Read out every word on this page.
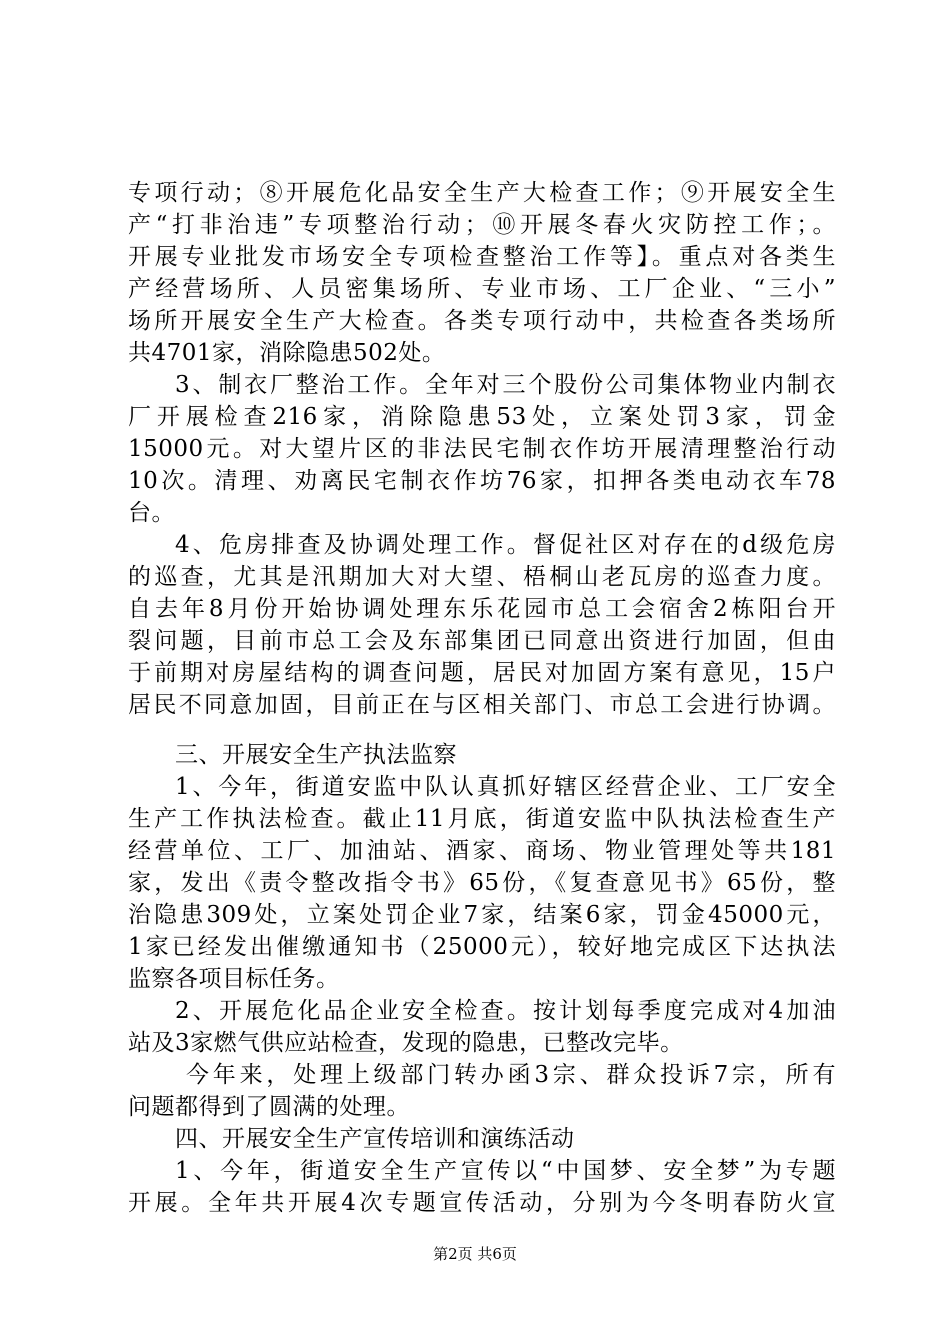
专项行动；⑧开展危化品安全生产大检查工作；⑨开展安全生
产“打非治违”专项整治行动；⑩开展冬春火灾防控工作；。
开展专业批发市场安全专项检查整治工作等】。重点对各类生
产经营场所、人员密集场所、专业市场、工厂企业、“三小”
场所开展安全生产大检查。各类专项行动中，共检查各类场所
共4701家，消除隐患502处。
3、制衣厂整治工作。全年对三个股份公司集体物业内制衣
厂开展检查216家，消除隐患53处，立案处罚3家，罚金
15000元。对大望片区的非法民宅制衣作坊开展清理整治行动
10次。清理、劝离民宅制衣作坊76家，扣押各类电动衣车78
台。
4、危房排查及协调处理工作。督促社区对存在的d级危房
的巡查，尤其是汛期加大对大望、梧桐山老瓦房的巡查力度。
自去年8月份开始协调处理东乐花园市总工会宿舍2栋阳台开
裂问题，目前市总工会及东部集团已同意出资进行加固，但由
于前期对房屋结构的调查问题，居民对加固方案有意见，15户
居民不同意加固，目前正在与区相关部门、市总工会进行协调。
三、开展安全生产执法监察
1、今年，街道安监中队认真抓好辖区经营企业、工厂安全
生产工作执法检查。截止11月底，街道安监中队执法检查生产
经营单位、工厂、加油站、酒家、商场、物业管理处等共181
家，发出《责令整改指令书》65份，《复查意见书》65份，整
治隐患309处，立案处罚企业7家，结案6家，罚金45000元，
1家已经发出催缴通知书（25000元），较好地完成区下达执法
监察各项目标任务。
2、开展危化品企业安全检查。按计划每季度完成对4加油
站及3家燃气供应站检查，发现的隐患，已整改完毕。
今年来，处理上级部门转办函3宗、群众投诉7宗，所有
问题都得到了圆满的处理。
四、开展安全生产宣传培训和演练活动
1、今年，街道安全生产宣传以“中国梦、安全梦”为专题
开展。全年共开展4次专题宣传活动，分别为今冬明春防火宣
第2页 共6页
